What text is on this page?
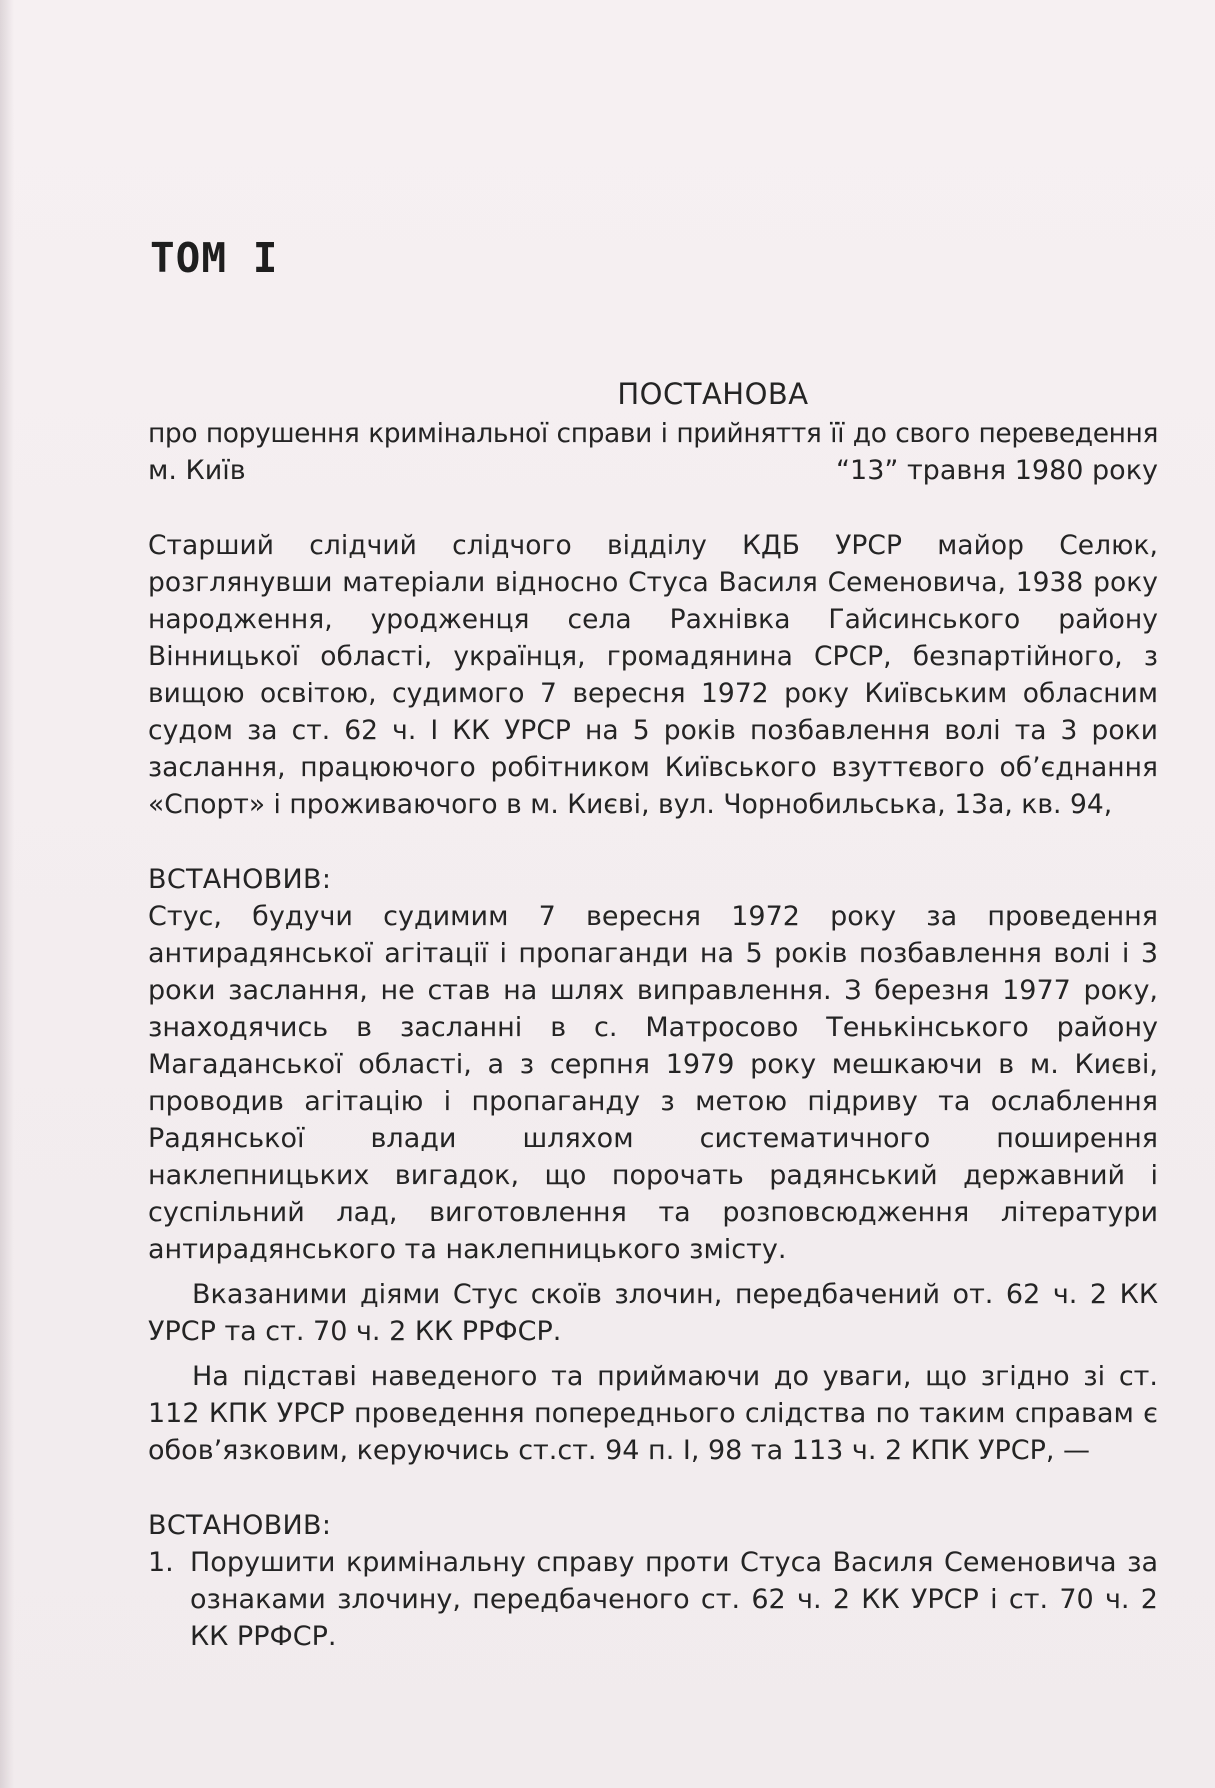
ТОМ I

ПОСТАНОВА

про порушення кримінальної справи і прийняття її до свого переведення

м. Київ	“13” травня 1980 року

Старший слідчий слідчого відділу КДБ УРСР майор Селюк, розглянувши матеріали відносно Стуса Василя Семеновича, 1938 року народження, уродженця села Рахнівка Гайсинського району Вінницької області, українця, громадянина СРСР, безпартійного, з вищою освітою, судимого 7 вересня 1972 року Київським обласним судом за ст. 62 ч. I КК УРСР на 5 років позбавлення волі та 3 роки заслання, працюючого робітником Київського взуттєвого об’єднання «Спорт» і проживаючого в м. Києві, вул. Чорнобильська, 13а, кв. 94,

ВСТАНОВИВ:

Стус, будучи судимим 7 вересня 1972 року за проведення антирадянської агітації і пропаганди на 5 років позбавлення волі і 3 роки заслання, не став на шлях виправлення. З березня 1977 року, знаходячись в засланні в с. Матросово Тенькінського району Магаданської області, а з серпня 1979 року мешкаючи в м. Києві, проводив агітацію і пропаганду з метою підриву та ослаблення Радянської влади шляхом систематичного поширення наклепницьких вигадок, що порочать радянський державний і суспільний лад, виготовлення та розповсюдження літератури антирадянського та наклепницького змісту.

Вказаними діями Стус скоїв злочин, передбачений от. 62 ч. 2 КК УРСР та ст. 70 ч. 2 КК РРФСР.

На підставі наведеного та приймаючи до уваги, що згідно зі ст. 112 КПК УРСР проведення попереднього слідства по таким справам є обов’язковим, керуючись ст.ст. 94 п. I, 98 та 113 ч. 2 КПК УРСР, —

ВСТАНОВИВ:

1. Порушити кримінальну справу проти Стуса Василя Семеновича за ознаками злочину, передбаченого ст. 62 ч. 2 КК УРСР і ст. 70 ч. 2 КК РРФСР.
